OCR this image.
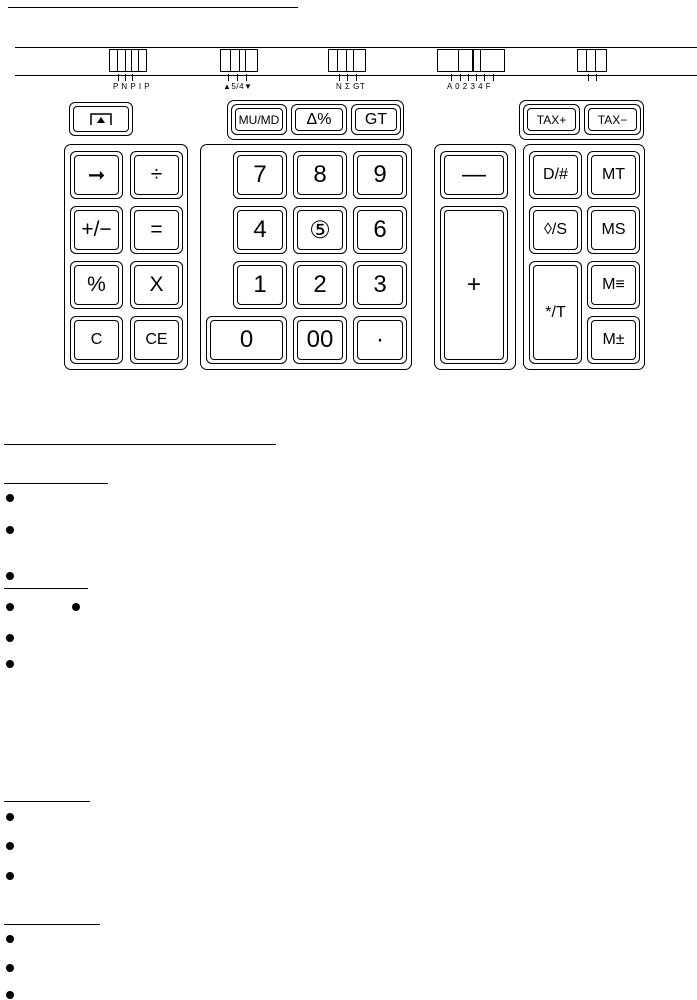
P N P I P	▲5/4▼	N Σ GT	A 0 2 3 4 F
MU/MD Δ% GT	TAX+	TAX−
➞ ÷
+/− =
% X
C	CE
7 8 9
4 ⑤ 6
1 2 3
0 00 ·
—
+
D/# MT
◊/S MS
*/T
M≡
M±
